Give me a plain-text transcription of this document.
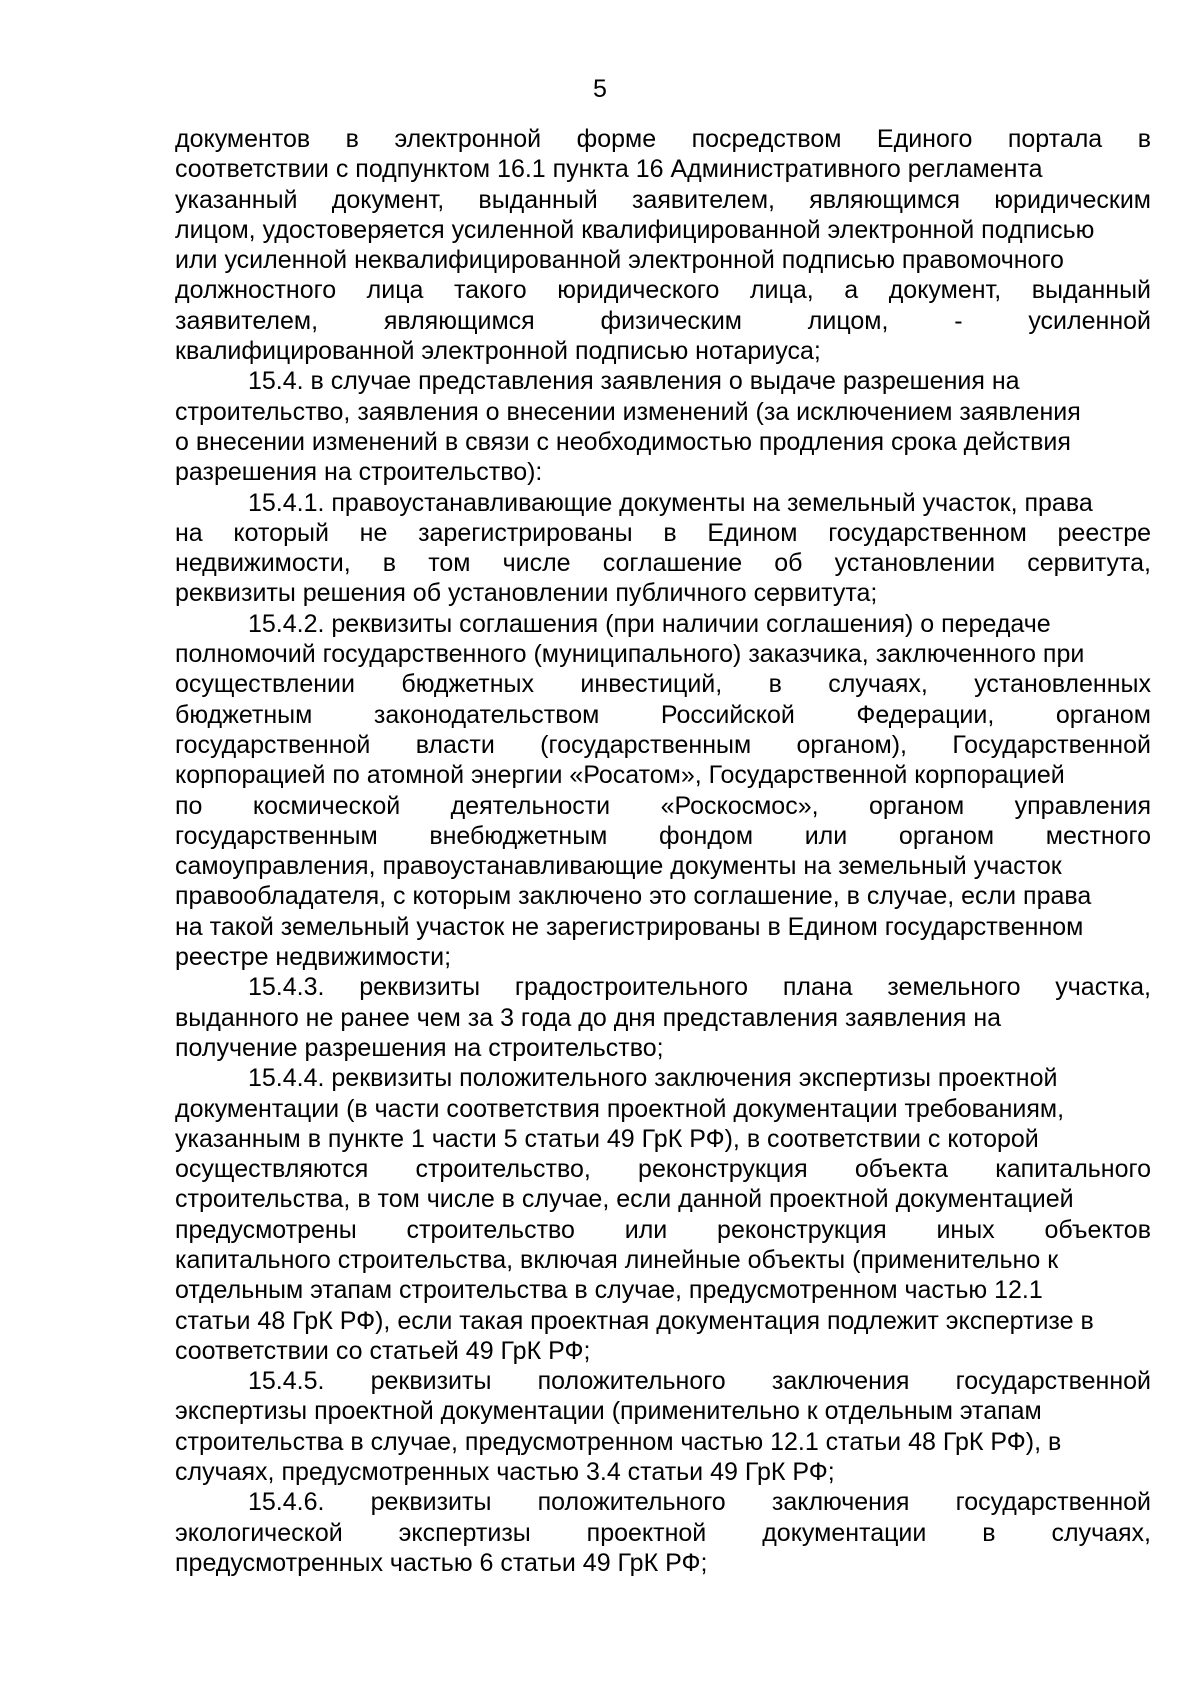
5

документов в электронной форме посредством Единого портала в
соответствии с подпунктом 16.1 пункта 16 Административного регламента
указанный документ, выданный заявителем, являющимся юридическим
лицом, удостоверяется усиленной квалифицированной электронной подписью
или усиленной неквалифицированной электронной подписью правомочного
должностного лица такого юридического лица, а документ, выданный
заявителем, являющимся физическим лицом, - усиленной
квалифицированной электронной подписью нотариуса;

15.4. в случае представления заявления о выдаче разрешения на
строительство, заявления о внесении изменений (за исключением заявления
о внесении изменений в связи с необходимостью продления срока действия
разрешения на строительство):

15.4.1. правоустанавливающие документы на земельный участок, права
на который не зарегистрированы в Едином государственном реестре
недвижимости, в том числе соглашение об установлении сервитута,
реквизиты решения об установлении публичного сервитута;

15.4.2. реквизиты соглашения (при наличии соглашения) о передаче
полномочий государственного (муниципального) заказчика, заключенного при
осуществлении бюджетных инвестиций, в случаях, установленных
бюджетным законодательством Российской Федерации, органом
государственной власти (государственным органом), Государственной
корпорацией по атомной энергии «Росатом», Государственной корпорацией
по космической деятельности «Роскосмос», органом управления
государственным внебюджетным фондом или органом местного
самоуправления, правоустанавливающие документы на земельный участок
правообладателя, с которым заключено это соглашение, в случае, если права
на такой земельный участок не зарегистрированы в Едином государственном
реестре недвижимости;

15.4.3. реквизиты градостроительного плана земельного участка,
выданного не ранее чем за 3 года до дня представления заявления на
получение разрешения на строительство;

15.4.4. реквизиты положительного заключения экспертизы проектной
документации (в части соответствия проектной документации требованиям,
указанным в пункте 1 части 5 статьи 49 ГрК РФ), в соответствии с которой
осуществляются строительство, реконструкция объекта капитального
строительства, в том числе в случае, если данной проектной документацией
предусмотрены строительство или реконструкция иных объектов
капитального строительства, включая линейные объекты (применительно к
отдельным этапам строительства в случае, предусмотренном частью 12.1
статьи 48 ГрК РФ), если такая проектная документация подлежит экспертизе в
соответствии со статьей 49 ГрК РФ;

15.4.5. реквизиты положительного заключения государственной
экспертизы проектной документации (применительно к отдельным этапам
строительства в случае, предусмотренном частью 12.1 статьи 48 ГрК РФ), в
случаях, предусмотренных частью 3.4 статьи 49 ГрК РФ;

15.4.6. реквизиты положительного заключения государственной
экологической экспертизы проектной документации в случаях,
предусмотренных частью 6 статьи 49 ГрК РФ;
